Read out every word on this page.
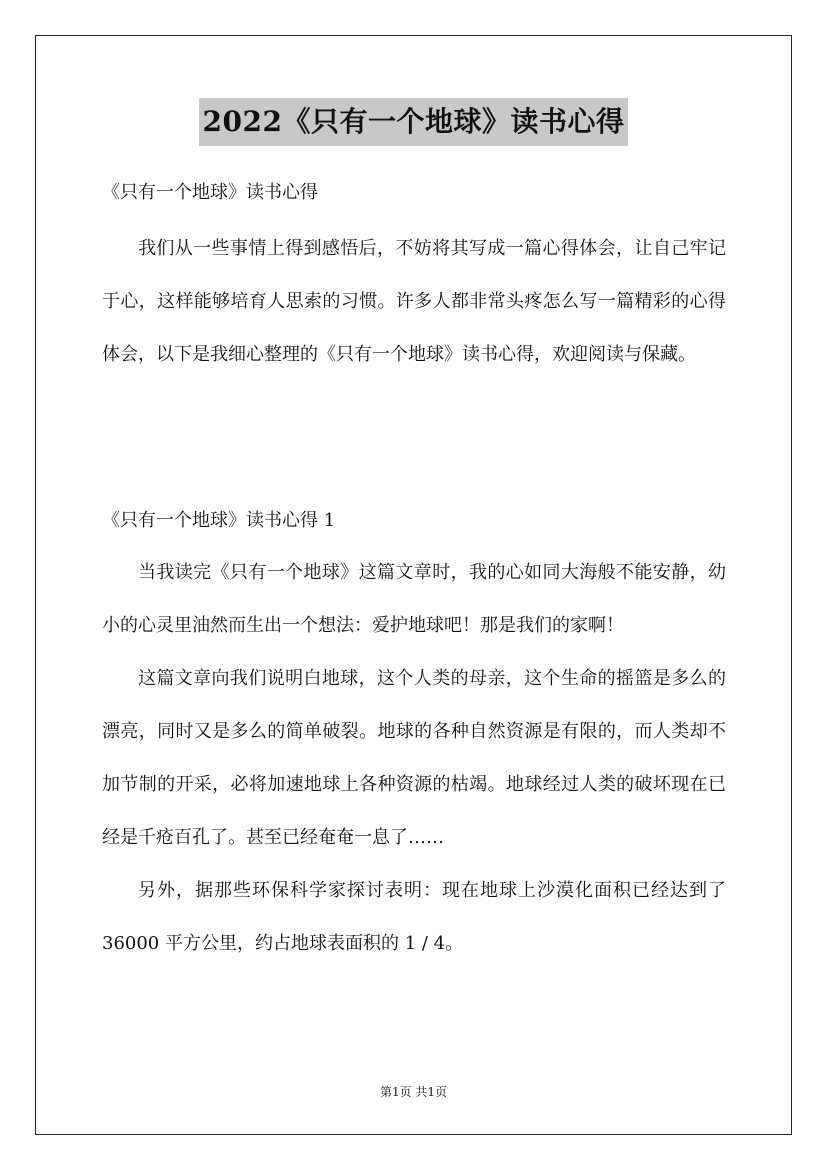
2022《只有一个地球》读书心得
《只有一个地球》读书心得

我们从一些事情上得到感悟后，不妨将其写成一篇心得体会，让自己牢记于心，这样能够培育人思索的习惯。许多人都非常头疼怎么写一篇精彩的心得体会，以下是我细心整理的《只有一个地球》读书心得，欢迎阅读与保藏。

《只有一个地球》读书心得 1

当我读完《只有一个地球》这篇文章时，我的心如同大海般不能安静，幼小的心灵里油然而生出一个想法：爱护地球吧！那是我们的家啊！

这篇文章向我们说明白地球，这个人类的母亲，这个生命的摇篮是多么的漂亮，同时又是多么的简单破裂。地球的各种自然资源是有限的，而人类却不加节制的开采，必将加速地球上各种资源的枯竭。地球经过人类的破坏现在已经是千疮百孔了。甚至已经奄奄一息了……

另外，据那些环保科学家探讨表明：现在地球上沙漠化面积已经达到了 36000 平方公里，约占地球表面积的 1 / 4。

第1页 共1页
